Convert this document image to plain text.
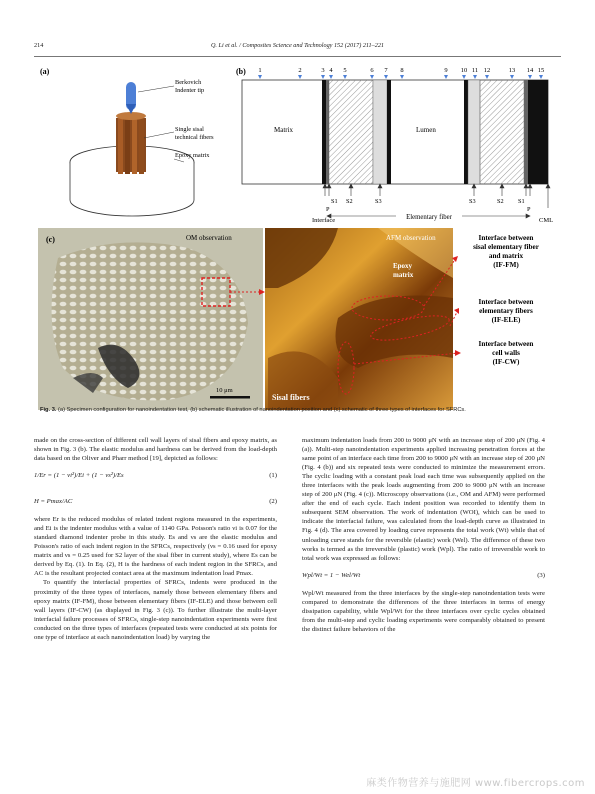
214	Q. Li et al. / Composites Science and Technology 152 (2017) 211–221
(a)
Berkovich
Indenter tip
Single sisal
technical fibers
Epoxy matrix
(b)
Matrix	Lumen
1	2	3 4 5	6 7 8	9 10 11 12	13 14 15
S1
P
S2	S3	S3	S2 S1
P
Interface	Elementary fiber	CML
(c)	OM observation
10 μm
AFM observation
Epoxy
matrix
Sisal fibers
Interface between
sisal elementary fiber
and matrix
(IF-FM)
Interface between
elementary fibers
(IF-ELE)
Interface between
cell walls
(IF-CW)
Fig. 3. (a) Specimen configuration for nanoindentation test, (b) schematic illustration of nanoindentation position and (c) schematic of three types of interfaces for SFRCs.

made on the cross-section of different cell wall layers of sisal fibers and epoxy matrix, as shown in Fig. 3 (b). The elastic modulus and hardness can be derived from the load-depth data based on the Oliver and Pharr method [19], depicted as follows:

1/Er = (1 − νi²)/Ei + (1 − νs²)/Es	(1)
H = Pmax/AC	(2)

where Er is the reduced modulus of related indent regions measured in the experiments, and Ei is the indenter modulus with a value of 1140 GPa. Poisson's ratio νi is 0.07 for the standard diamond indenter probe in this study. Es and νs are the elastic modulus and Poisson's ratio of each indent region in the SFRCs, respectively (νs = 0.16 used for epoxy matrix and νs = 0.25 used for S2 layer of the sisal fiber in current study), where Es can be derived by Eq. (1). In Eq. (2), H is the hardness of each indent region in the SFRCs, and AC is the resultant projected contact area at the maximum indentation load Pmax.

To quantify the interfacial properties of SFRCs, indents were produced in the proximity of the three types of interfaces, namely those between elementary fibers and epoxy matrix (IF-FM), those between elementary fibers (IF-ELE) and those between cell wall layers (IF-CW) (as displayed in Fig. 3 (c)). To further illustrate the multi-layer interfacial failure processes of SFRCs, single-step nanoindentation experiments were first conducted on the three types of interfaces (repeated tests were conducted at six points for one type of interface at each nanoindentation load) by varying the

maximum indentation loads from 200 to 9000 μN with an increase step of 200 μN (Fig. 4 (a)). Multi-step nanoindentation experiments applied increasing penetration forces at the same point of an interface each time from 200 to 9000 μN with an increase step of 200 μN (Fig. 4 (b)) and six repeated tests were conducted to minimize the measurement errors. The cyclic loading with a constant peak load each time was subsequently applied on the three interfaces with the peak loads augmenting from 200 to 9000 μN with an increase step of 200 μN (Fig. 4 (c)). Microscopy observations (i.e., OM and AFM) were performed after the end of each cycle. Each indent position was recorded to identify them in subsequent SEM observation. The work of indentation (WOI), which can be used to indicate the interfacial failure, was calculated from the load-depth curve as illustrated in Fig. 4 (d). The area covered by loading curve represents the total work (Wt) while that of unloading curve stands for the reversible (elastic) work (Wel). The difference of these two works is termed as the irreversible (plastic) work (Wpl). The ratio of irreversible work to total work was expressed as follows:

Wpl/Wt = 1 − Wel/Wt	(3)

Wpl/Wt measured from the three interfaces by the single-step nanoindentation tests were compared to demonstrate the differences of the three interfaces in terms of energy dissipation capability, while Wpl/Wt for the three interfaces over cyclic cycles obtained from the multi-step and cyclic loading experiments were comparably obtained to present the distinct failure behaviors of the

麻类作物营养与施肥网 www.fibercrops.com
